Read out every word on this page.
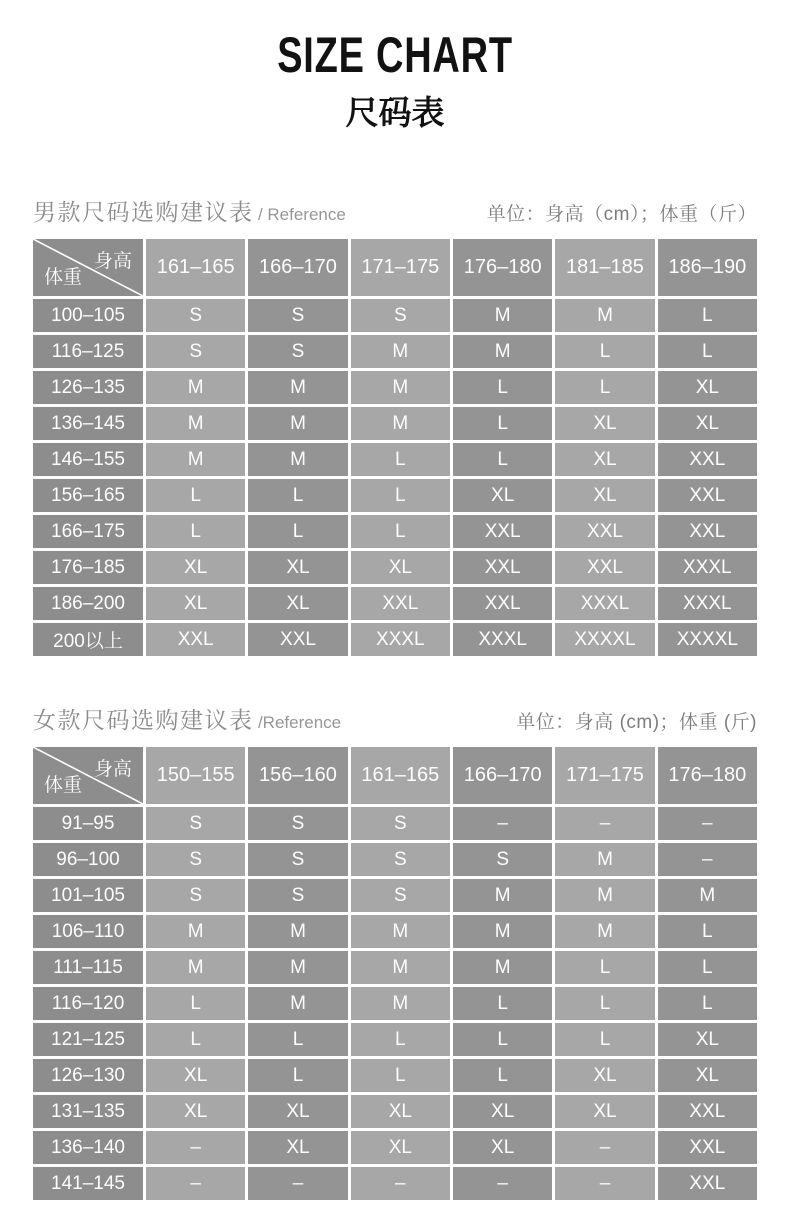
SIZE CHART
尺码表
男款尺码选购建议表 / Reference	单位：身高（cm）；体重（斤）
身高
体重	161–165	166–170	171–175	176–180	181–185	186–190
100–105	S	S	S	M	M	L
116–125	S	S	M	M	L	L
126–135	M	M	M	L	L	XL
136–145	M	M	M	L	XL	XL
146–155	M	M	L	L	XL	XXL
156–165	L	L	L	XL	XL	XXL
166–175	L	L	L	XXL	XXL	XXL
176–185	XL	XL	XL	XXL	XXL	XXXL
186–200	XL	XL	XXL	XXL	XXXL	XXXL
200以上	XXL	XXL	XXXL	XXXL	XXXXL	XXXXL
女款尺码选购建议表 /Reference	单位：身高 (cm)；体重 (斤)
身高
体重	150–155	156–160	161–165	166–170	171–175	176–180
91–95	S	S	S	–	–	–
96–100	S	S	S	S	M	–
101–105	S	S	S	M	M	M
106–110	M	M	M	M	M	L
111–115	M	M	M	M	L	L
116–120	L	M	M	L	L	L
121–125	L	L	L	L	L	XL
126–130	XL	L	L	L	XL	XL
131–135	XL	XL	XL	XL	XL	XXL
136–140	–	XL	XL	XL	–	XXL
141–145	–	–	–	–	–	XXL
